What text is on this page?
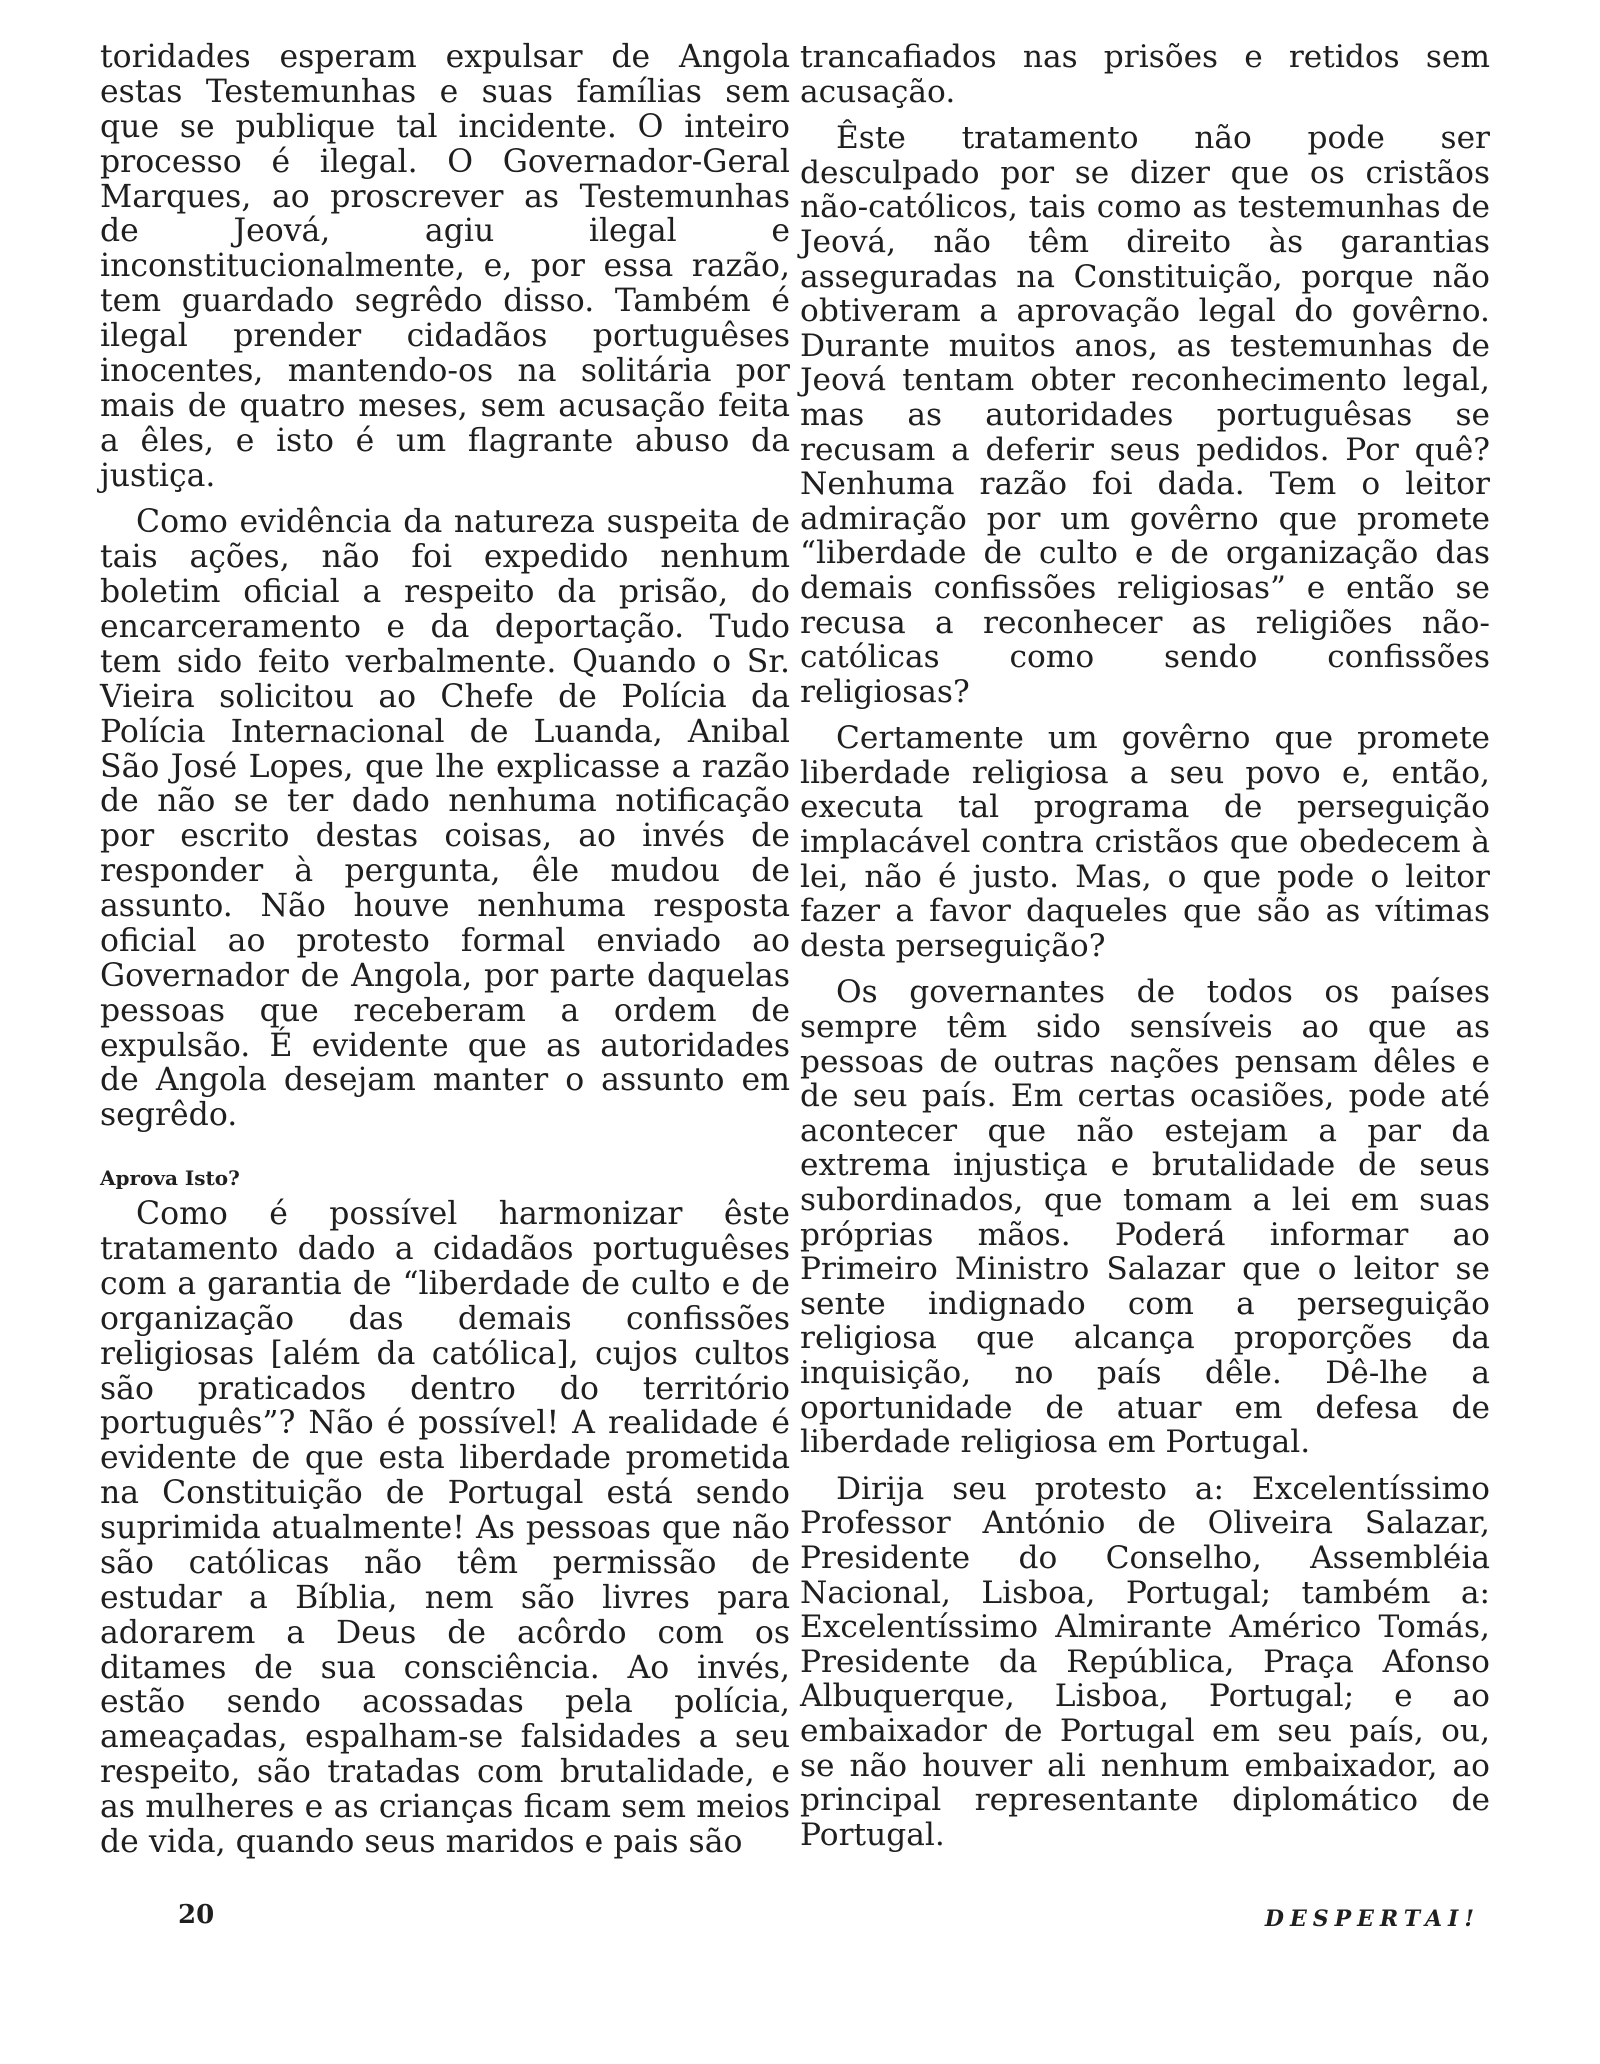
toridades esperam expulsar de Angola estas Testemunhas e suas famílias sem que se publique tal incidente. O inteiro processo é ilegal. O Governador-Geral Marques, ao proscrever as Testemunhas de Jeová, agiu ilegal e inconstitucionalmente, e, por essa razão, tem guardado segrêdo disso. Também é ilegal prender cidadãos portuguêses inocentes, mantendo-os na solitária por mais de quatro meses, sem acusação feita a êles, e isto é um flagrante abuso da justiça.

Como evidência da natureza suspeita de tais ações, não foi expedido nenhum boletim oficial a respeito da prisão, do encarceramento e da deportação. Tudo tem sido feito verbalmente. Quando o Sr. Vieira solicitou ao Chefe de Polícia da Polícia Internacional de Luanda, Anibal São José Lopes, que lhe explicasse a razão de não se ter dado nenhuma notificação por escrito destas coisas, ao invés de responder à pergunta, êle mudou de assunto. Não houve nenhuma resposta oficial ao protesto formal enviado ao Governador de Angola, por parte daquelas pessoas que receberam a ordem de expulsão. É evidente que as autoridades de Angola desejam manter o assunto em segrêdo.

Aprova Isto?

Como é possível harmonizar êste tratamento dado a cidadãos portuguêses com a garantia de “liberdade de culto e de organização das demais confissões religiosas [além da católica], cujos cultos são praticados dentro do território português”? Não é possível! A realidade é evidente de que esta liberdade prometida na Constituição de Portugal está sendo suprimida atualmente! As pessoas que não são católicas não têm permissão de estudar a Bíblia, nem são livres para adorarem a Deus de acôrdo com os ditames de sua consciência. Ao invés, estão sendo acossadas pela polícia, ameaçadas, espalham-se falsidades a seu respeito, são tratadas com brutalidade, e as mulheres e as crianças ficam sem meios de vida, quando seus maridos e pais são

trancafiados nas prisões e retidos sem acusação.

Êste tratamento não pode ser desculpado por se dizer que os cristãos não-católicos, tais como as testemunhas de Jeová, não têm direito às garantias asseguradas na Constituição, porque não obtiveram a aprovação legal do govêrno. Durante muitos anos, as testemunhas de Jeová tentam obter reconhecimento legal, mas as autoridades portuguêsas se recusam a deferir seus pedidos. Por quê? Nenhuma razão foi dada. Tem o leitor admiração por um govêrno que promete “liberdade de culto e de organização das demais confissões religiosas” e então se recusa a reconhecer as religiões não-católicas como sendo confissões religiosas?

Certamente um govêrno que promete liberdade religiosa a seu povo e, então, executa tal programa de perseguição implacável contra cristãos que obedecem à lei, não é justo. Mas, o que pode o leitor fazer a favor daqueles que são as vítimas desta perseguição?

Os governantes de todos os países sempre têm sido sensíveis ao que as pessoas de outras nações pensam dêles e de seu país. Em certas ocasiões, pode até acontecer que não estejam a par da extrema injustiça e brutalidade de seus subordinados, que tomam a lei em suas próprias mãos. Poderá informar ao Primeiro Ministro Salazar que o leitor se sente indignado com a perseguição religiosa que alcança proporções da inquisição, no país dêle. Dê-lhe a oportunidade de atuar em defesa de liberdade religiosa em Portugal.

Dirija seu protesto a: Excelentíssimo Professor António de Oliveira Salazar, Presidente do Conselho, Assembléia Nacional, Lisboa, Portugal; também a: Excelentíssimo Almirante Américo Tomás, Presidente da República, Praça Afonso Albuquerque, Lisboa, Portugal; e ao embaixador de Portugal em seu país, ou, se não houver ali nenhum embaixador, ao principal representante diplomático de Portugal.

20	DESPERTAI!
